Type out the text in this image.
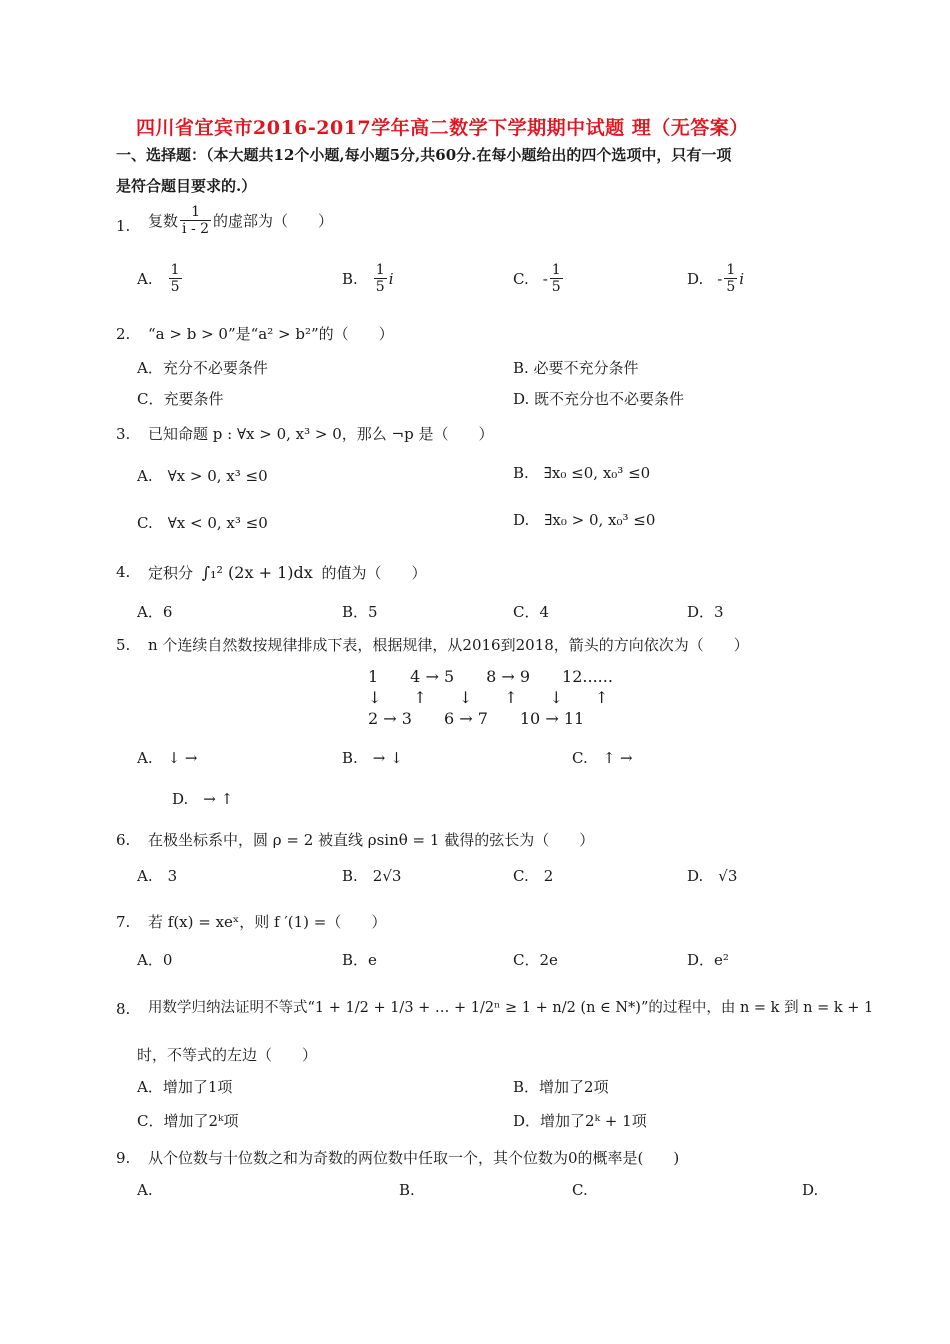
四川省宜宾市2016-2017学年高二数学下学期期中试题 理（无答案）
一、选择题：（本大题共12个小题,每小题5分,共60分.在每小题给出的四个选项中，只有一项
是符合题目要求的.）
1. 复数 $\frac{1}{i - 2}$ 的虚部为（　　）
A. $\frac{1}{5}$	B. $\frac{1}{5}$ i	C. - $\frac{1}{5}$	D. - $\frac{1}{5}$ i
2. “a > b > 0”是“a² > b²”的（　　）
A．充分不必要条件	B. 必要不充分条件
C．充要条件	D. 既不充分也不必要条件
3. 已知命题 p : ∀x > 0, x³ > 0，那么 ¬p 是（　　）
A.　∀x > 0, x³ ≤0	B.　∃x₀ ≤0, x₀³ ≤0
C.　∀x < 0, x³ ≤0	D.　∃x₀ > 0, x₀³ ≤0
4. 定积分 ∫₁² (2x + 1)dx 的值为（　　）
A．6	B．5	C．4	D．3
5. n 个连续自然数按规律排成下表，根据规律，从2016到2018，箭头的方向依次为（　　）
1　　4 → 5　　8 → 9　　12......
↓　　↑　　↓　　↑　　↓　　↑
2 → 3　　6 → 7　　10 → 11
A.　↓ →	B.　→ ↓	C.　↑ →
D.　→ ↑
6. 在极坐标系中，圆 ρ = 2 被直线 ρsinθ = 1 截得的弦长为（　　）
A.　3	B.　2√3	C.　2	D.　√3
7. 若 f(x) = xeˣ，则 f ′(1) =（　　）
A．0	B．e	C．2e	D．e²
8. 用数学归纳法证明不等式“1 + 1/2 + 1/3 + … + 1/2ⁿ ≥ 1 + n/2 (n ∈ N*)”的过程中，由 n = k 到 n = k + 1
时，不等式的左边（　　）
A．增加了1项	B．增加了2项
C．增加了2ᵏ项	D．增加了2ᵏ + 1项
9. 从个位数与十位数之和为奇数的两位数中任取一个，其个位数为0的概率是(　　)
A.	B.	C.	D.
